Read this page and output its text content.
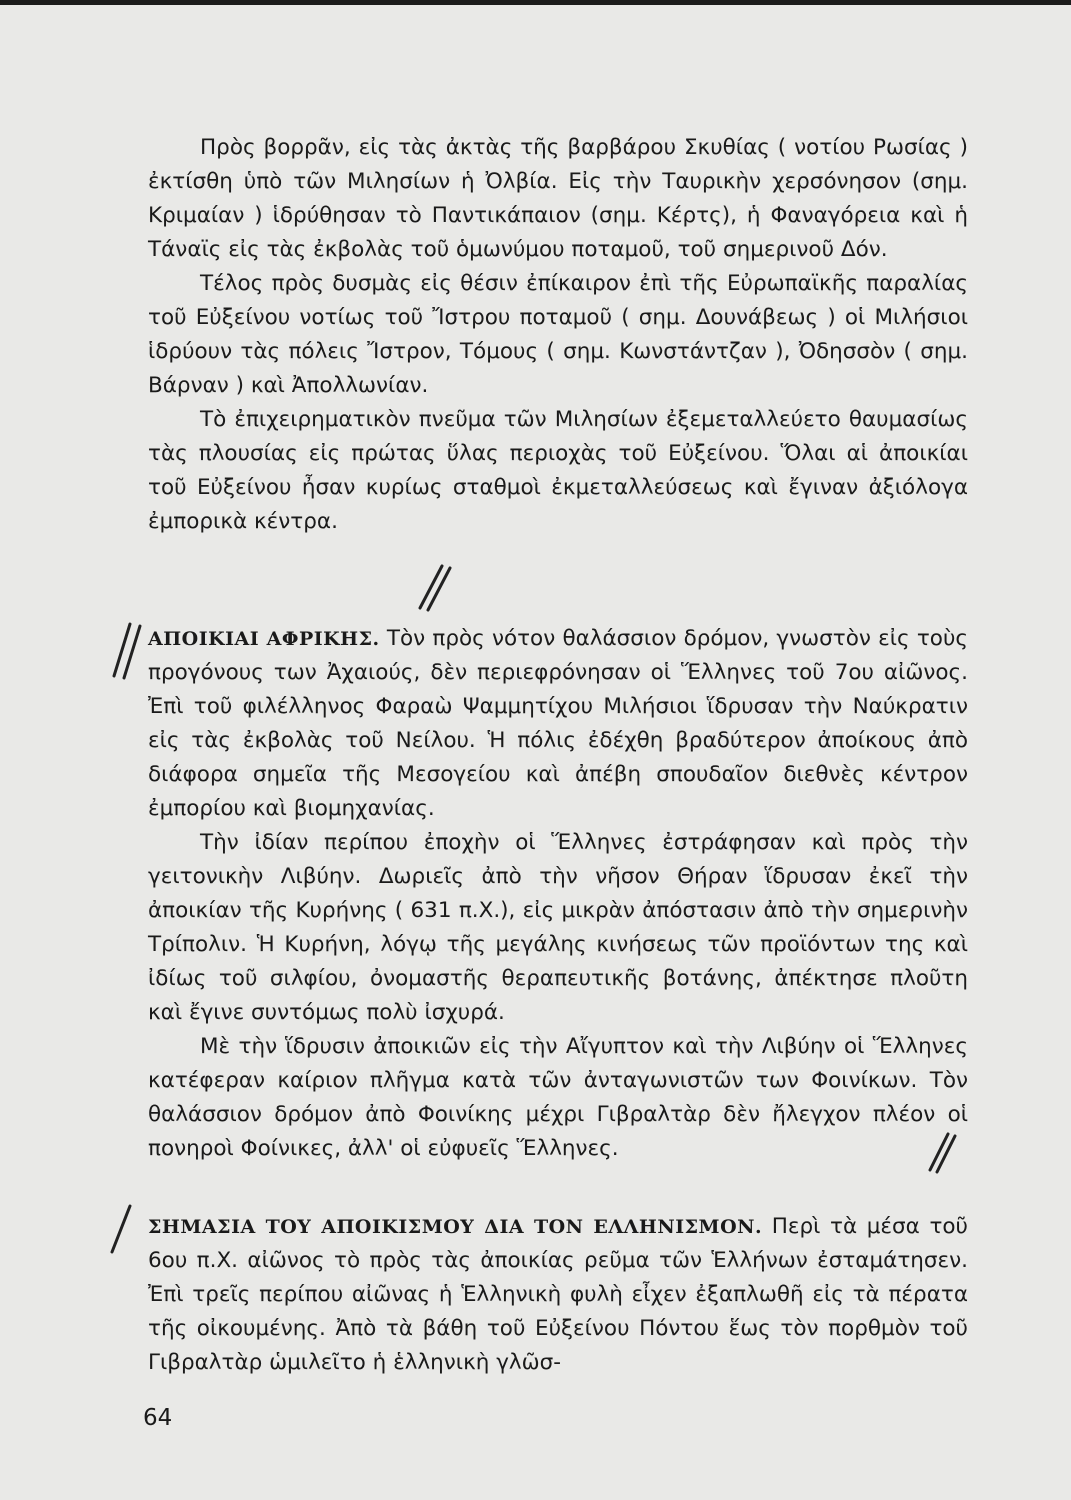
Πρὸς βορρᾶν, εἰς τὰς ἀκτὰς τῆς βαρβάρου Σκυθίας ( νοτίου Ρωσίας ) ἐκτίσθη ὑπὸ τῶν Μιλησίων ἡ Ὀλβία. Εἰς τὴν Ταυρικὴν χερσόνησον (σημ. Κριμαίαν ) ἱδρύθησαν τὸ Παντικάπαιον (σημ. Κέρτς), ἡ Φαναγόρεια καὶ ἡ Τάναϊς εἰς τὰς ἐκβολὰς τοῦ ὁμωνύμου ποταμοῦ, τοῦ σημερινοῦ Δόν.

Τέλος πρὸς δυσμὰς εἰς θέσιν ἐπίκαιρον ἐπὶ τῆς Εὐρωπαϊκῆς παραλίας τοῦ Εὐξείνου νοτίως τοῦ Ἴστρου ποταμοῦ ( σημ. Δουνάβεως ) οἱ Μιλήσιοι ἱδρύουν τὰς πόλεις Ἴστρον, Τόμους ( σημ. Κωνστάντζαν ), Ὀδησσὸν ( σημ. Βάρναν ) καὶ Ἀπολλωνίαν.

Τὸ ἐπιχειρηματικὸν πνεῦμα τῶν Μιλησίων ἐξεμεταλλεύετο θαυμασίως τὰς πλουσίας εἰς πρώτας ὕλας περιοχὰς τοῦ Εὐξείνου. Ὅλαι αἱ ἀποικίαι τοῦ Εὐξείνου ἦσαν κυρίως σταθμοὶ ἐκμεταλλεύσεως καὶ ἔγιναν ἀξιόλογα ἐμπορικὰ κέντρα.

ΑΠΟΙΚΙΑΙ ΑΦΡΙΚΗΣ. Τὸν πρὸς νότον θαλάσσιον δρόμον, γνωστὸν εἰς τοὺς προγόνους των Ἀχαιούς, δὲν περιεφρόνησαν οἱ Ἕλληνες τοῦ 7ου αἰῶνος. Ἐπὶ τοῦ φιλέλληνος Φαραὼ Ψαμμητίχου Μιλήσιοι ἵδρυσαν τὴν Ναύκρατιν εἰς τὰς ἐκβολὰς τοῦ Νείλου. Ἡ πόλις ἐδέχθη βραδύτερον ἀποίκους ἀπὸ διάφορα σημεῖα τῆς Μεσογείου καὶ ἀπέβη σπουδαῖον διεθνὲς κέντρον ἐμπορίου καὶ βιομηχανίας.

Τὴν ἰδίαν περίπου ἐποχὴν οἱ Ἕλληνες ἐστράφησαν καὶ πρὸς τὴν γειτονικὴν Λιβύην. Δωριεῖς ἀπὸ τὴν νῆσον Θήραν ἵδρυσαν ἐκεῖ τὴν ἀποικίαν τῆς Κυρήνης ( 631 π.Χ.), εἰς μικρὰν ἀπόστασιν ἀπὸ τὴν σημερινὴν Τρίπολιν. Ἡ Κυρήνη, λόγῳ τῆς μεγάλης κινήσεως τῶν προϊόντων της καὶ ἰδίως τοῦ σιλφίου, ὀνομαστῆς θεραπευτικῆς βοτάνης, ἀπέκτησε πλοῦτη καὶ ἔγινε συντόμως πολὺ ἰσχυρά.

Μὲ τὴν ἵδρυσιν ἀποικιῶν εἰς τὴν Αἴγυπτον καὶ τὴν Λιβύην οἱ Ἕλληνες κατέφεραν καίριον πλῆγμα κατὰ τῶν ἀνταγωνιστῶν των Φοινίκων. Τὸν θαλάσσιον δρόμον ἀπὸ Φοινίκης μέχρι Γιβραλτὰρ δὲν ἤλεγχον πλέον οἱ πονηροὶ Φοίνικες, ἀλλ' οἱ εὐφυεῖς Ἕλληνες.

ΣΗΜΑΣΙΑ ΤΟΥ ΑΠΟΙΚΙΣΜΟΥ ΔΙΑ ΤΟΝ ΕΛΛΗΝΙΣΜΟΝ. Περὶ τὰ μέσα τοῦ 6ου π.Χ. αἰῶνος τὸ πρὸς τὰς ἀποικίας ρεῦμα τῶν Ἑλλήνων ἐσταμάτησεν. Ἐπὶ τρεῖς περίπου αἰῶνας ἡ Ἑλληνικὴ φυλὴ εἶχεν ἐξαπλωθῆ εἰς τὰ πέρατα τῆς οἰκουμένης. Ἀπὸ τὰ βάθη τοῦ Εὐξείνου Πόντου ἕως τὸν πορθμὸν τοῦ Γιβραλτὰρ ὡμιλεῖτο ἡ ἑλληνικὴ γλῶσ-

64
